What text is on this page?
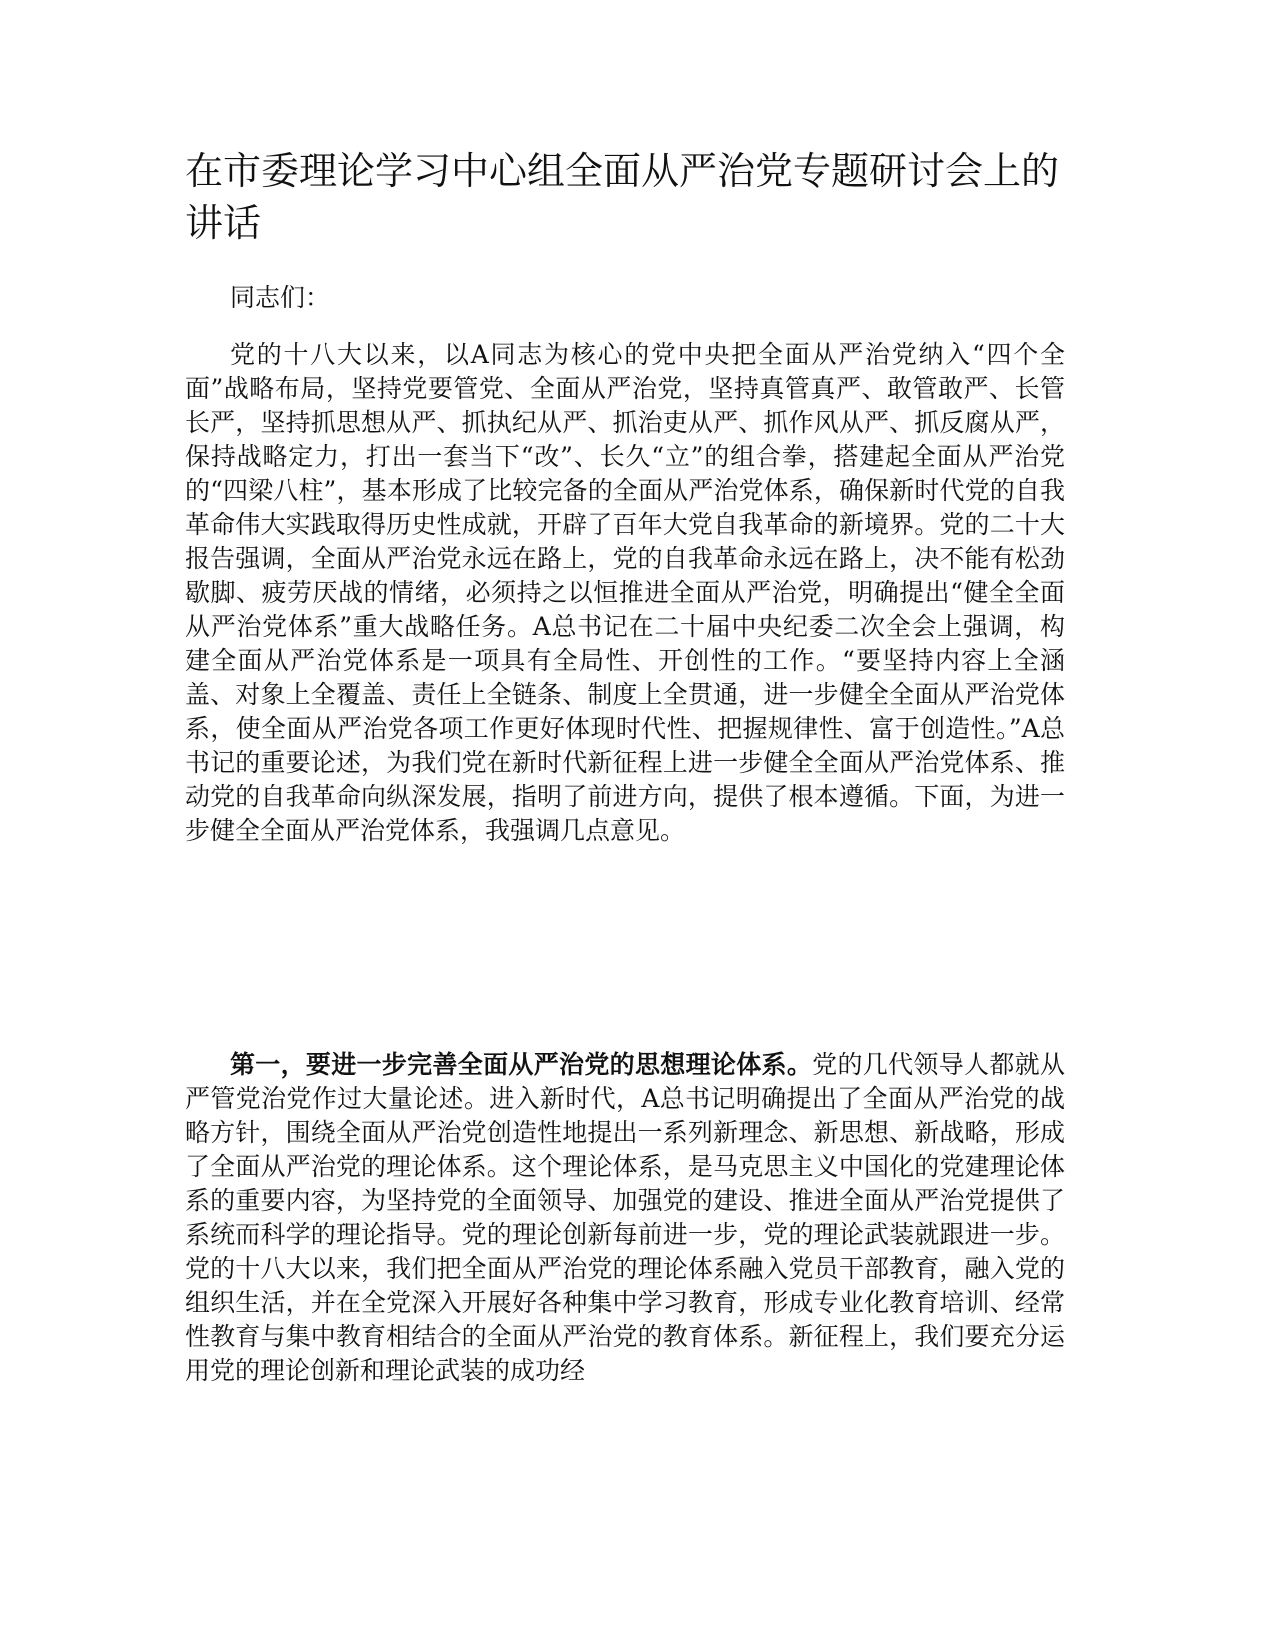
在市委理论学习中心组全面从严治党专题研讨会上的讲话

同志们：

党的十八大以来，以A同志为核心的党中央把全面从严治党纳入“四个全面”战略布局，坚持党要管党、全面从严治党，坚持真管真严、敢管敢严、长管长严，坚持抓思想从严、抓执纪从严、抓治吏从严、抓作风从严、抓反腐从严，保持战略定力，打出一套当下“改”、长久“立”的组合拳，搭建起全面从严治党的“四梁八柱”，基本形成了比较完备的全面从严治党体系，确保新时代党的自我革命伟大实践取得历史性成就，开辟了百年大党自我革命的新境界。党的二十大报告强调，全面从严治党永远在路上，党的自我革命永远在路上，决不能有松劲歇脚、疲劳厌战的情绪，必须持之以恒推进全面从严治党，明确提出“健全全面从严治党体系”重大战略任务。A总书记在二十届中央纪委二次全会上强调，构建全面从严治党体系是一项具有全局性、开创性的工作。“要坚持内容上全涵盖、对象上全覆盖、责任上全链条、制度上全贯通，进一步健全全面从严治党体系，使全面从严治党各项工作更好体现时代性、把握规律性、富于创造性。”A总书记的重要论述，为我们党在新时代新征程上进一步健全全面从严治党体系、推动党的自我革命向纵深发展，指明了前进方向，提供了根本遵循。下面，为进一步健全全面从严治党体系，我强调几点意见。

第一，要进一步完善全面从严治党的思想理论体系。党的几代领导人都就从严管党治党作过大量论述。进入新时代，A总书记明确提出了全面从严治党的战略方针，围绕全面从严治党创造性地提出一系列新理念、新思想、新战略，形成了全面从严治党的理论体系。这个理论体系，是马克思主义中国化的党建理论体系的重要内容，为坚持党的全面领导、加强党的建设、推进全面从严治党提供了系统而科学的理论指导。党的理论创新每前进一步，党的理论武装就跟进一步。党的十八大以来，我们把全面从严治党的理论体系融入党员干部教育，融入党的组织生活，并在全党深入开展好各种集中学习教育，形成专业化教育培训、经常性教育与集中教育相结合的全面从严治党的教育体系。新征程上，我们要充分运用党的理论创新和理论武装的成功经
